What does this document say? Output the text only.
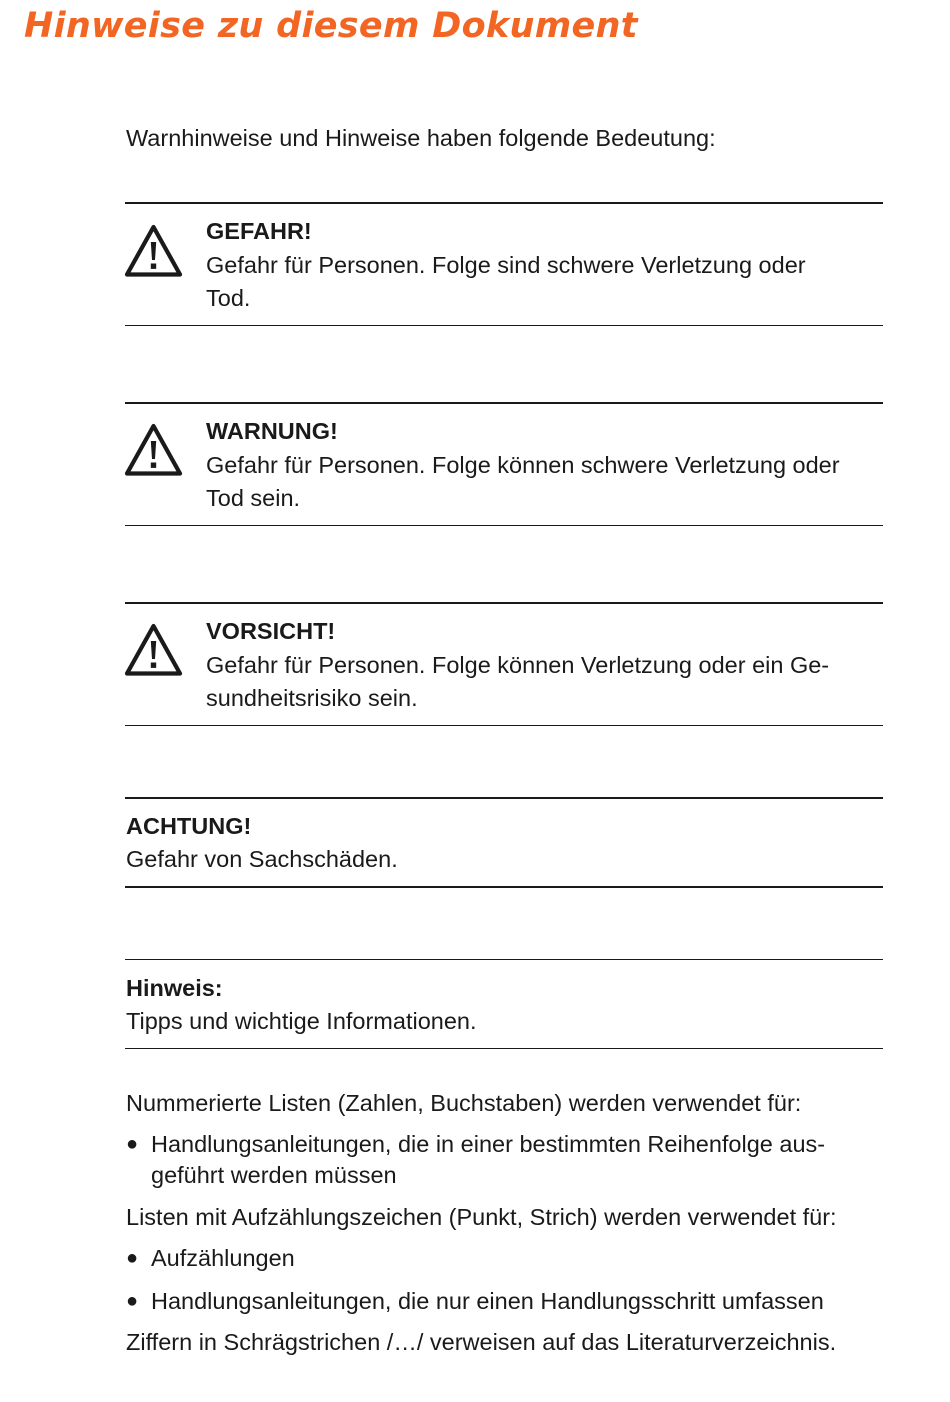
Hinweise zu diesem Dokument
Warnhinweise und Hinweise haben folgende Bedeutung:
GEFAHR!
Gefahr für Personen. Folge sind schwere Verletzung oder
Tod.
WARNUNG!
Gefahr für Personen. Folge können schwere Verletzung oder
Tod sein.
VORSICHT!
Gefahr für Personen. Folge können Verletzung oder ein Ge-
sundheitsrisiko sein.
ACHTUNG!
Gefahr von Sachschäden.
Hinweis:
Tipps und wichtige Informationen.
Nummerierte Listen (Zahlen, Buchstaben) werden verwendet für:
● Handlungsanleitungen, die in einer bestimmten Reihenfolge aus-
geführt werden müssen
Listen mit Aufzählungszeichen (Punkt, Strich) werden verwendet für:
● Aufzählungen
● Handlungsanleitungen, die nur einen Handlungsschritt umfassen
Ziffern in Schrägstrichen /…/ verweisen auf das Literaturverzeichnis.
